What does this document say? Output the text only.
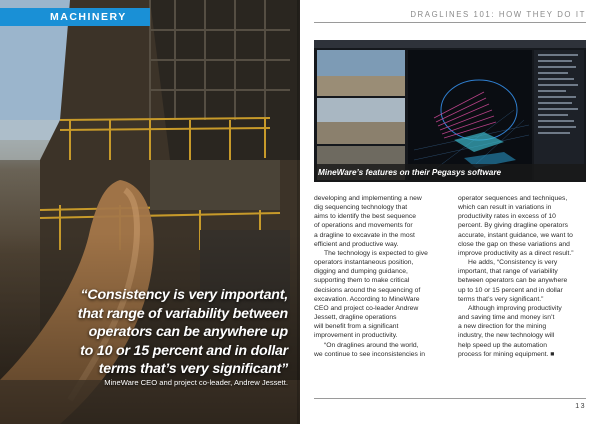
MACHINERY
“Consistency is very important,
that range of variability between
operators can be anywhere up
to 10 or 15 percent and in dollar
terms that’s very significant”
MineWare CEO and project co-leader, Andrew Jessett.
DRAGLINES 101: HOW THEY DO IT
MineWare’s features on their Pegasys software
developing and implementing a new
dig sequencing technology that
aims to identify the best sequence
of operations and movements for
a dragline to excavate in the most
efficient and productive way.
The technology is expected to give
operators instantaneous position,
digging and dumping guidance,
supporting them to make critical
decisions around the sequencing of
excavation. According to MineWare
CEO and project co-leader Andrew
Jessett, dragline operations
will benefit from a significant
improvement in productivity.
“On draglines around the world,
we continue to see inconsistencies in
operator sequences and techniques,
which can result in variations in
productivity rates in excess of 10
percent. By giving dragline operators
accurate, instant guidance, we want to
close the gap on these variations and
improve productivity as a direct result.”
He adds, “Consistency is very
important, that range of variability
between operators can be anywhere
up to 10 or 15 percent and in dollar
terms that’s very significant.”
Although improving productivity
and saving time and money isn’t
a new direction for the mining
industry, the new technology will
help speed up the automation
process for mining equipment. ■
13
